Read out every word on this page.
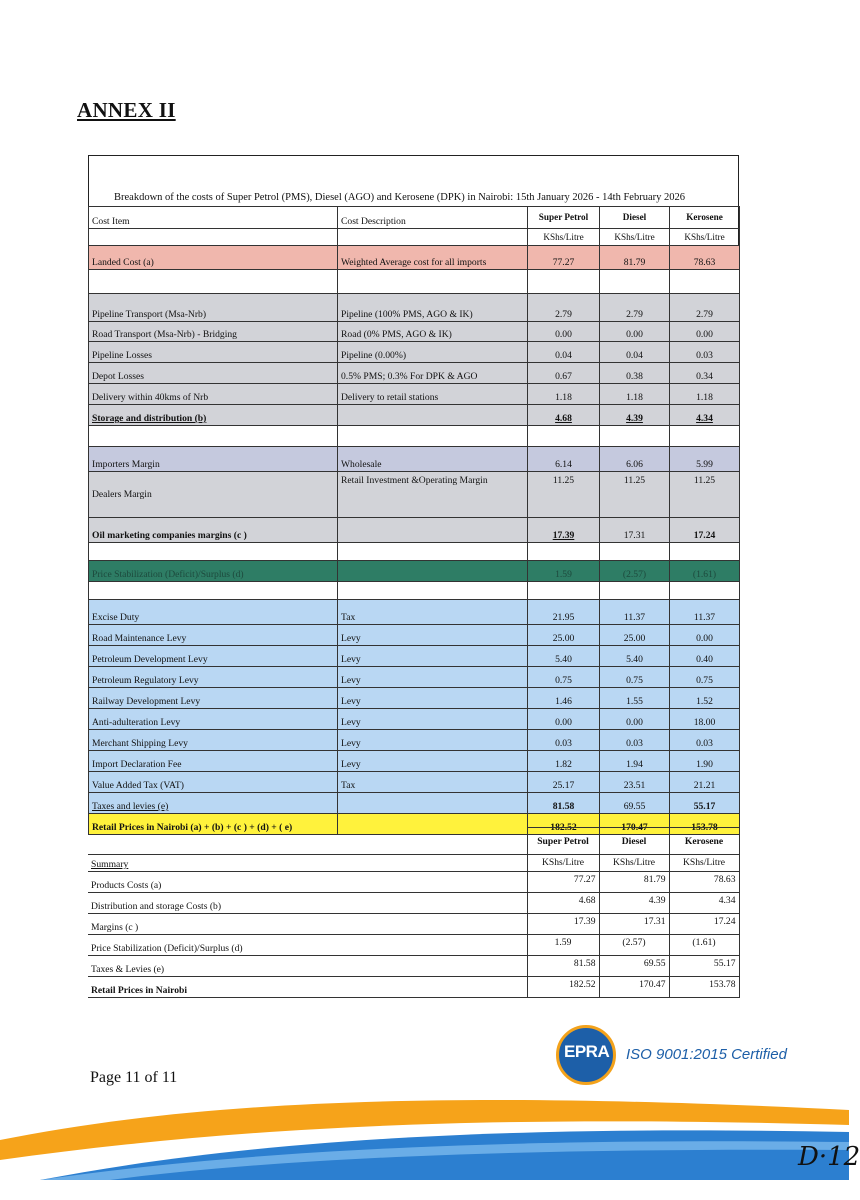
ANNEX II
Breakdown of the costs of Super Petrol (PMS), Diesel (AGO) and Kerosene (DPK) in Nairobi: 15th January 2026 - 14th February 2026
Cost Item	Cost Description	Super Petrol	Diesel	Kerosene
		KShs/Litre	KShs/Litre	KShs/Litre
Landed Cost (a)	Weighted Average cost for all imports	77.27	81.79	78.63

Pipeline Transport (Msa-Nrb)	Pipeline (100% PMS, AGO & IK)	2.79	2.79	2.79
Road Transport (Msa-Nrb) - Bridging	Road (0% PMS, AGO & IK)	0.00	0.00	0.00
Pipeline Losses	Pipeline (0.00%)	0.04	0.04	0.03
Depot Losses	0.5% PMS; 0.3% For DPK & AGO	0.67	0.38	0.34
Delivery within 40kms of Nrb	Delivery to retail stations	1.18	1.18	1.18
Storage and distribution (b)		4.68	4.39	4.34

Importers Margin	Wholesale	6.14	6.06	5.99
Dealers Margin	Retail Investment &Operating Margin	11.25	11.25	11.25
Oil marketing companies margins (c )		17.39	17.31	17.24

Price Stabilization (Deficit)/Surplus (d)		1.59	(2.57)	(1.61)

Excise Duty	Tax	21.95	11.37	11.37
Road Maintenance Levy	Levy	25.00	25.00	0.00
Petroleum Development Levy	Levy	5.40	5.40	0.40
Petroleum Regulatory Levy	Levy	0.75	0.75	0.75
Railway Development Levy	Levy	1.46	1.55	1.52
Anti-adulteration Levy	Levy	0.00	0.00	18.00
Merchant Shipping Levy	Levy	0.03	0.03	0.03
Import Declaration Fee	Levy	1.82	1.94	1.90
Value Added Tax (VAT)	Tax	25.17	23.51	21.21
Taxes and levies (e)		81.58	69.55	55.17
Retail Prices in Nairobi (a) + (b) + (c ) + (d) + ( e)		182.52	170.47	153.78
	Super Petrol	Diesel	Kerosene
Summary	KShs/Litre	KShs/Litre	KShs/Litre
Products Costs (a)	77.27	81.79	78.63
Distribution and storage Costs (b)	4.68	4.39	4.34
Margins (c )	17.39	17.31	17.24
Price Stabilization (Deficit)/Surplus (d)	1.59	(2.57)	(1.61)
Taxes & Levies (e)	81.58	69.55	55.17
Retail Prices in Nairobi	182.52	170.47	153.78
Page 11 of 11
EPRA ISO 9001:2015 Certified
D·12
